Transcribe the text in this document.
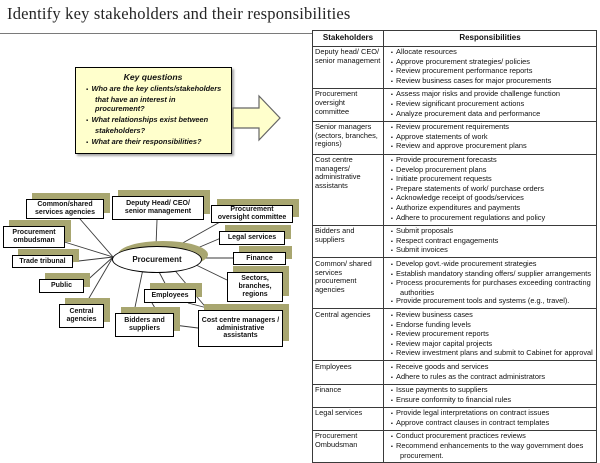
Identify key stakeholders and their responsibilities
Key questions
▪  Who are the key clients/stakeholders that have an interest in procurement?
▪  What relationships exist between stakeholders?
▪  What are their responsibilities?
Common/shared services agencies
Deputy Head/ CEO/ senior management	Procurement oversight committee
Procurement ombudsman	Legal services
Trade tribunal	Finance
Public
Sectors, branches, regions
Central agencies
Employees
Bidders and suppliers
Cost centre managers / administrative assistants
Procurement
Stakeholders	Responsibilities
Deputy head/ CEO/ senior management	
▪  Allocate resources
▪  Approve procurement strategies/ policies
▪  Review procurement performance reports
▪  Review business cases for major procurements

Procurement oversight committee	
▪  Assess major risks and provide challenge function
▪  Review significant procurement actions
▪  Analyze procurement data and performance

Senior managers (sectors, branches, regions)	
▪  Review procurement requirements
▪  Approve statements of work
▪  Review and approve procurement plans

Cost centre managers/ administrative assistants	
▪  Provide procurement forecasts
▪  Develop procurement plans
▪  Initiate procurement requests
▪  Prepare statements of work/ purchase orders
▪  Acknowledge receipt of goods/services
▪  Authorize expenditures and payments
▪  Adhere to procurement regulations and policy

Bidders and suppliers	
▪  Submit proposals
▪  Respect contract engagements
▪  Submit invoices

Common/ shared services procurement agencies	
▪  Develop govt.-wide procurement strategies
▪  Establish mandatory standing offers/ supplier arrangements
▪  Process procurements for purchases exceeding contracting authorities
▪  Provide procurement tools and systems (e.g., travel).

Central agencies	
▪Review business cases
▪  Endorse funding levels
▪  Review procurement reports
▪  Review major capital projects
▪  Review investment plans and submit to Cabinet for approval

Employees	
▪Receive goods and services
▪  Adhere to rules as the contract administrators

Finance	
▪Issue payments to suppliers
▪  Ensure conformity to financial rules

Legal services	
▪Provide legal interpretations on contract issues
▪  Approve contract clauses in contract templates

Procurement Ombudsman	
▪  Conduct procurement practices reviews
▪  Recommend enhancements to the way government does procurement.
